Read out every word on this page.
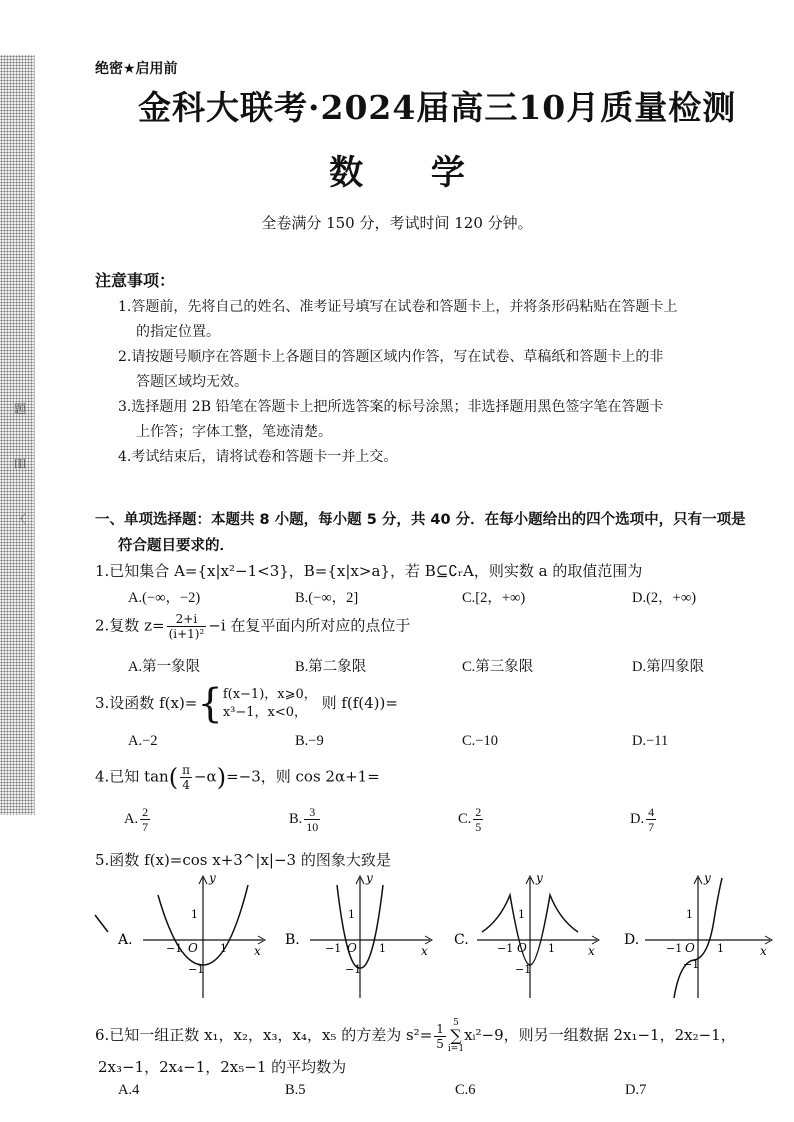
题
吅
〈
绝密★启用前
金科大联考·2024届高三10月质量检测
数 学
全卷满分 150 分，考试时间 120 分钟。
注意事项：

1.答题前，先将自己的姓名、准考证号填写在试卷和答题卡上，并将条形码粘贴在答题卡上

的指定位置。

2.请按题号顺序在答题卡上各题目的答题区域内作答，写在试卷、草稿纸和答题卡上的非

答题区域均无效。

3.选择题用 2B 铅笔在答题卡上把所选答案的标号涂黑；非选择题用黑色签字笔在答题卡

上作答；字体工整，笔迹清楚。

4.考试结束后，请将试卷和答题卡一并上交。

一、单项选择题：本题共 8 小题，每小题 5 分，共 40 分．在每小题给出的四个选项中，只有一项是
符合题目要求的．
1.已知集合 A={x|x²−1<3}，B={x|x>a}，若 B⊆∁ᵣA，则实数 a 的取值范围为
A.(−∞，−2)	B.(−∞，2]	C.[2，+∞)	D.(2，+∞)
2.复数 $z= \frac{2+i}{\text{(i+1)²}} -i$ 在复平面内所对应的点位于
A.第一象限	B.第二象限	C.第三象限	D.第四象限
3.设函数 f(x)={ f(x−1)，x⩾0，
x³−1，x<0，
则 f(f(4))=
A.−2	B.−9	C.−10	D.−11
4.已知 $\tan( \frac{\pi}{4} -\alpha)=-3$，则 cos 2α+1=
A. $\frac{2}{7}$	B. $\frac{3}{10}$	C. $\frac{2}{5}$	D. $\frac{4}{7}$
5.函数 f(x)=cos x+3^|x|−3 的图象大致是
A.
y
x
O
−1	1
1
−1
B.
y
x
O
−1	1
1
−1
C.
y
x
O
−1	1
1
−1
D.
y
x
O
−1	1
1
−1
6.已知一组正数 x₁，x₂，x₃，x₄，x₅ 的方差为 $s^2= \frac{1}{5} 5$
∑
i=1
xᵢ²−9，则另一组数据 2x₁−1，2x₂−1，
2x₃−1，2x₄−1，2x₅−1 的平均数为
A.4	B.5	C.6	D.7
